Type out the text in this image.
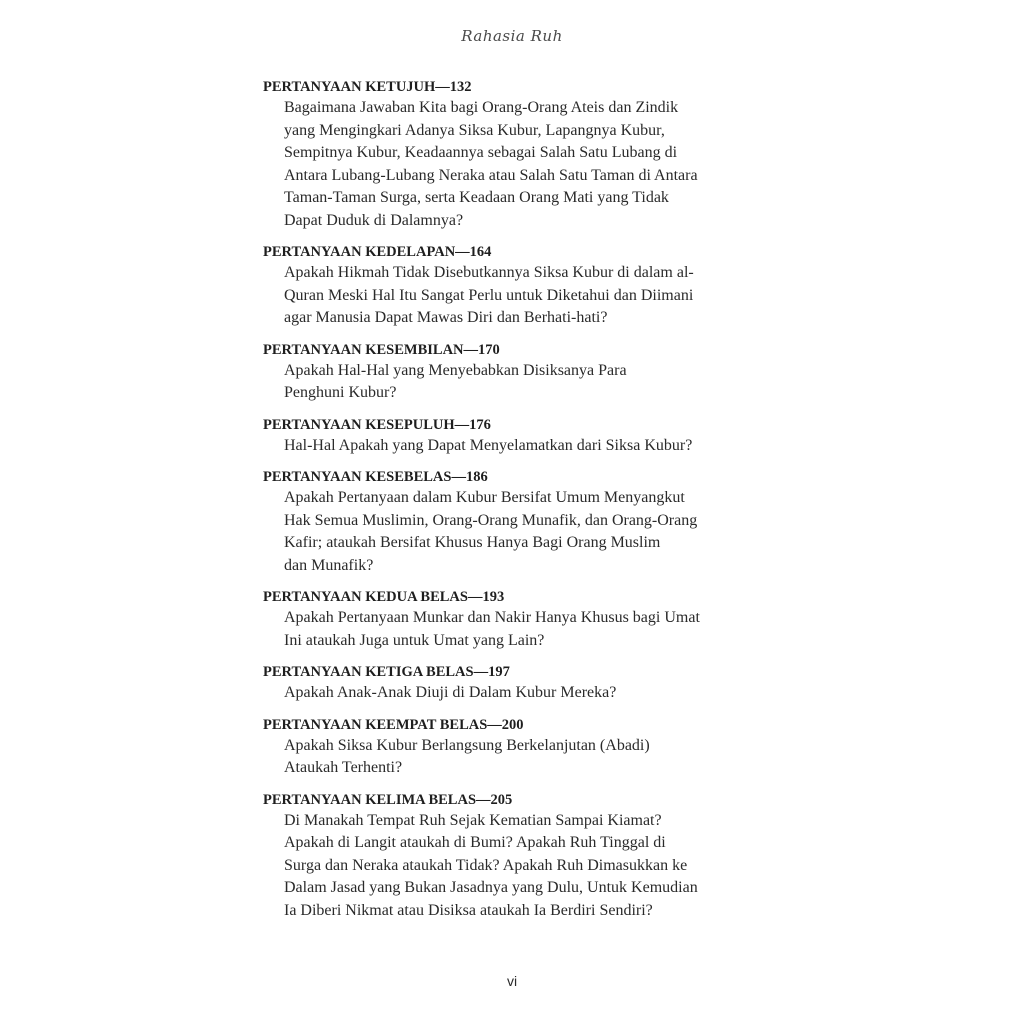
Rahasia Ruh
PERTANYAAN KETUJUH—132
Bagaimana Jawaban Kita bagi Orang-Orang Ateis dan Zindik
yang Mengingkari Adanya Siksa Kubur, Lapangnya Kubur,
Sempitnya Kubur, Keadaannya sebagai Salah Satu Lubang di
Antara Lubang-Lubang Neraka atau Salah Satu Taman di Antara
Taman-Taman Surga, serta Keadaan Orang Mati yang Tidak
Dapat Duduk di Dalamnya?
PERTANYAAN KEDELAPAN—164
Apakah Hikmah Tidak Disebutkannya Siksa Kubur di dalam al-
Quran Meski Hal Itu Sangat Perlu untuk Diketahui dan Diimani
agar Manusia Dapat Mawas Diri dan Berhati-hati?
PERTANYAAN KESEMBILAN—170
Apakah Hal-Hal yang Menyebabkan Disiksanya Para
Penghuni Kubur?
PERTANYAAN KESEPULUH—176
Hal-Hal Apakah yang Dapat Menyelamatkan dari Siksa Kubur?
PERTANYAAN KESEBELAS—186
Apakah Pertanyaan dalam Kubur Bersifat Umum Menyangkut
Hak Semua Muslimin, Orang-Orang Munafik, dan Orang-Orang
Kafir; ataukah Bersifat Khusus Hanya Bagi Orang Muslim
dan Munafik?
PERTANYAAN KEDUA BELAS—193
Apakah Pertanyaan Munkar dan Nakir Hanya Khusus bagi Umat
Ini ataukah Juga untuk Umat yang Lain?
PERTANYAAN KETIGA BELAS—197
Apakah Anak-Anak Diuji di Dalam Kubur Mereka?
PERTANYAAN KEEMPAT BELAS—200
Apakah Siksa Kubur Berlangsung Berkelanjutan (Abadi)
Ataukah Terhenti?
PERTANYAAN KELIMA BELAS—205
Di Manakah Tempat Ruh Sejak Kematian Sampai Kiamat?
Apakah di Langit ataukah di Bumi? Apakah Ruh Tinggal di
Surga dan Neraka ataukah Tidak? Apakah Ruh Dimasukkan ke
Dalam Jasad yang Bukan Jasadnya yang Dulu, Untuk Kemudian
Ia Diberi Nikmat atau Disiksa ataukah Ia Berdiri Sendiri?
vi
